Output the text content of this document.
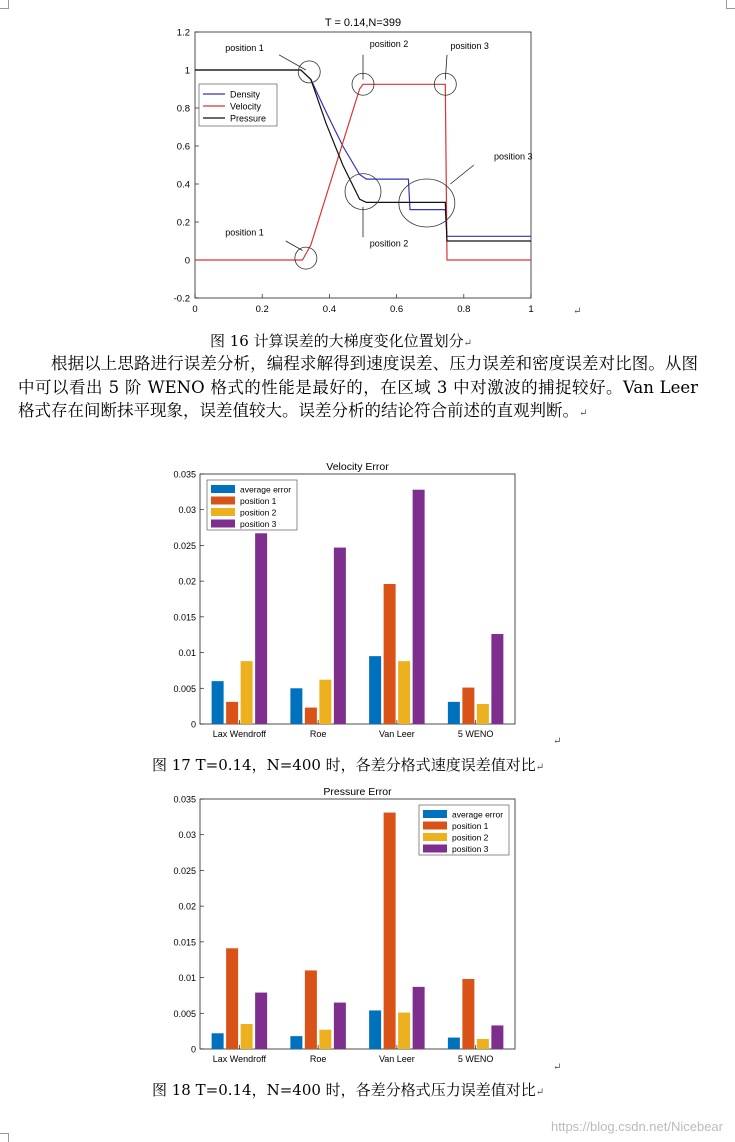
T = 0.14,N=399
0	0.2	0.4	0.6	0.8	1
-0.2
0
0.2
0.4
0.6
0.8
1
1.2
Density
Velocity
Pressure
position 1	position 2	position 3
position 3
position 2
position 1
↵
图 16 计算误差的大梯度变化位置划分↵
根据以上思路进行误差分析，编程求解得到速度误差、压力误差和密度误差对比图。从图中可以看出 5 阶 WENO 格式的性能是最好的，在区域 3 中对激波的捕捉较好。Van Leer 格式存在间断抹平现象，误差值较大。误差分析的结论符合前述的直观判断。↵
Velocity Error
0
0.005
0.01
0.015
0.02
0.025
0.03
0.035
Lax Wendroff	Roe	Van Leer	5 WENO
average error
position 1
position 2
position 3
↵
图 17 T=0.14，N=400 时，各差分格式速度误差值对比↵
Pressure Error
0
0.005
0.01
0.015
0.02
0.025
0.03
0.035
Lax Wendroff	Roe	Van Leer	5 WENO
average error
position 1
position 2
position 3
↵
图 18 T=0.14，N=400 时，各差分格式压力误差值对比↵
https://blog.csdn.net/Nicebear
